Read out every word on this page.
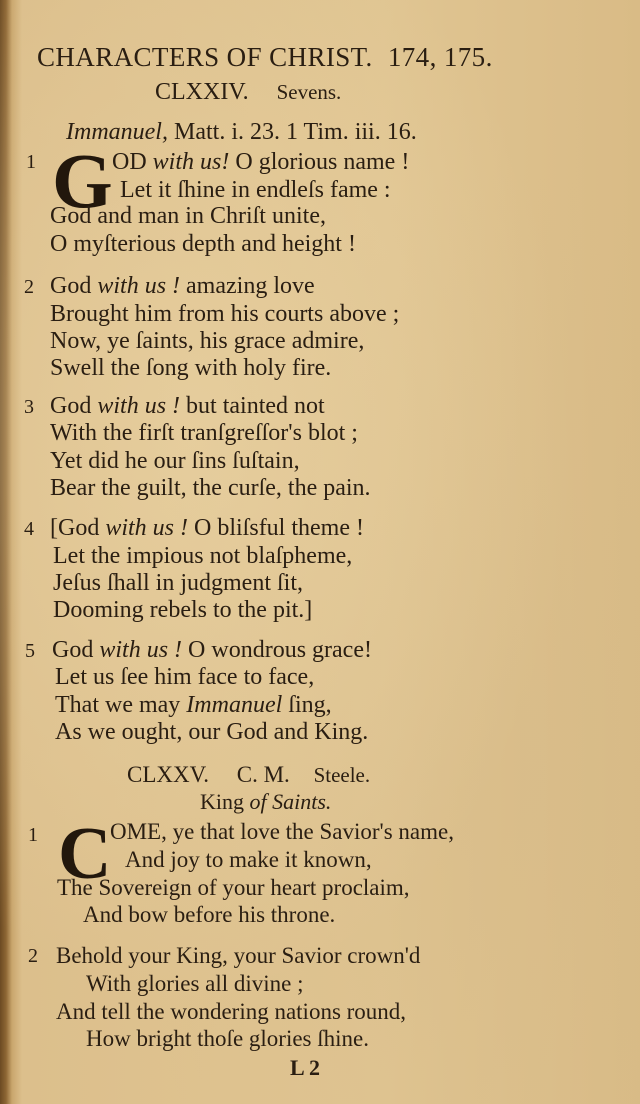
CHARACTERS OF CHRIST. 174, 175.
CLXXIV. Sevens.
Immanuel, Matt. i. 23. 1 Tim. iii. 16.
1 G OD with us! O glorious name !
Let it ſhine in endleſs fame :
God and man in Chriſt unite,
O myſterious depth and height !
2 God with us ! amazing love
Brought him from his courts above ;
Now, ye ſaints, his grace admire,
Swell the ſong with holy fire.
3 God with us ! but tainted not
With the firſt tranſgreſſor's blot ;
Yet did he our ſins ſuſtain,
Bear the guilt, the curſe, the pain.
4 [God with us ! O bliſsful theme !
Let the impious not blaſpheme,
Jeſus ſhall in judgment ſit,
Dooming rebels to the pit.]
5 God with us ! O wondrous grace!
Let us ſee him face to face,
That we may Immanuel ſing,
As we ought, our God and King.
CLXXV. C. M. Steele.
King of Saints.
1 C
OME, ye that love the Savior's name,
And joy to make it known,
The Sovereign of your heart proclaim,
And bow before his throne.
2 Behold your King, your Savior crown'd
With glories all divine ;
And tell the wondering nations round,
How bright thoſe glories ſhine.
L 2
